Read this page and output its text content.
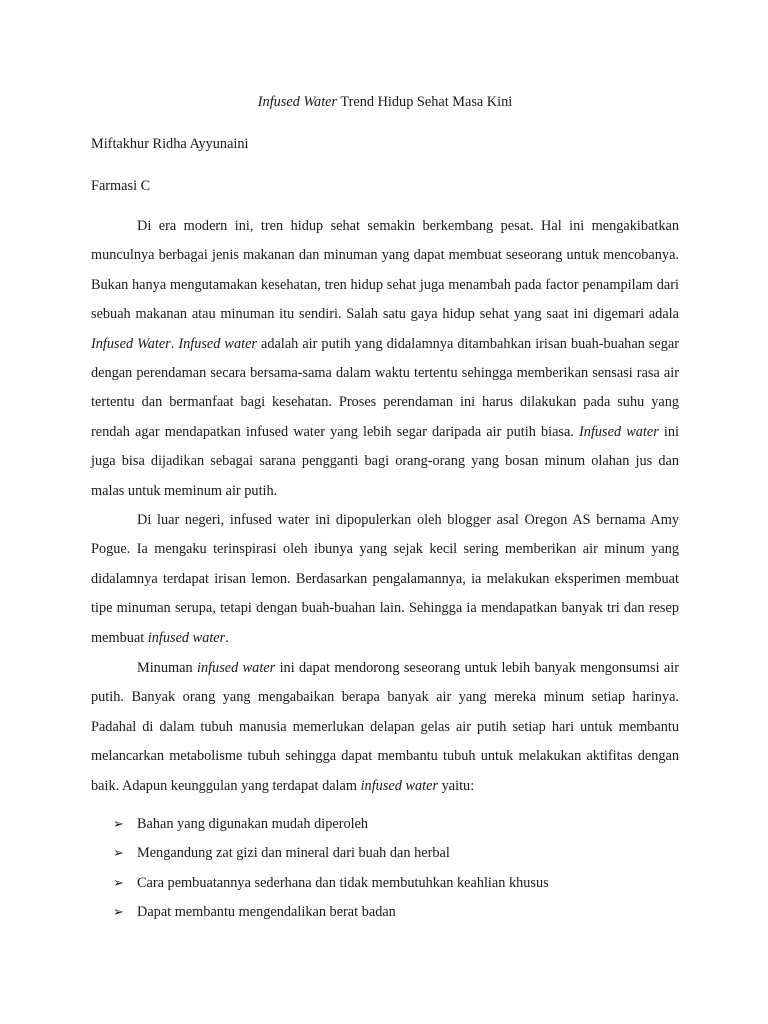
Infused Water Trend Hidup Sehat Masa Kini
Miftakhur Ridha Ayyunaini
Farmasi C

Di era modern ini, tren hidup sehat semakin berkembang pesat. Hal ini mengakibatkan munculnya berbagai jenis makanan dan minuman yang dapat membuat seseorang untuk mencobanya. Bukan hanya mengutamakan kesehatan, tren hidup sehat juga menambah pada factor penampilam dari sebuah makanan atau minuman itu sendiri. Salah satu gaya hidup sehat yang saat ini digemari adala Infused Water. Infused water adalah air putih yang didalamnya ditambahkan irisan buah-buahan segar dengan perendaman secara bersama-sama dalam waktu tertentu sehingga memberikan sensasi rasa air tertentu dan bermanfaat bagi kesehatan. Proses perendaman ini harus dilakukan pada suhu yang rendah agar mendapatkan infused water yang lebih segar daripada air putih biasa. Infused water ini juga bisa dijadikan sebagai sarana pengganti bagi orang-orang yang bosan minum olahan jus dan malas untuk meminum air putih.

Di luar negeri, infused water ini dipopulerkan oleh blogger asal Oregon AS bernama Amy Pogue. Ia mengaku terinspirasi oleh ibunya yang sejak kecil sering memberikan air minum yang didalamnya terdapat irisan lemon. Berdasarkan pengalamannya, ia melakukan eksperimen membuat tipe minuman serupa, tetapi dengan buah-buahan lain. Sehingga ia mendapatkan banyak tri dan resep membuat infused water.

Minuman infused water ini dapat mendorong seseorang untuk lebih banyak mengonsumsi air putih. Banyak orang yang mengabaikan berapa banyak air yang mereka minum setiap harinya. Padahal di dalam tubuh manusia memerlukan delapan gelas air putih setiap hari untuk membantu melancarkan metabolisme tubuh sehingga dapat membantu tubuh untuk melakukan aktifitas dengan baik. Adapun keunggulan yang terdapat dalam infused water yaitu:

➢ Bahan yang digunakan mudah diperoleh
➢ Mengandung zat gizi dan mineral dari buah dan herbal
➢ Cara pembuatannya sederhana dan tidak membutuhkan keahlian khusus
➢ Dapat membantu mengendalikan berat badan
